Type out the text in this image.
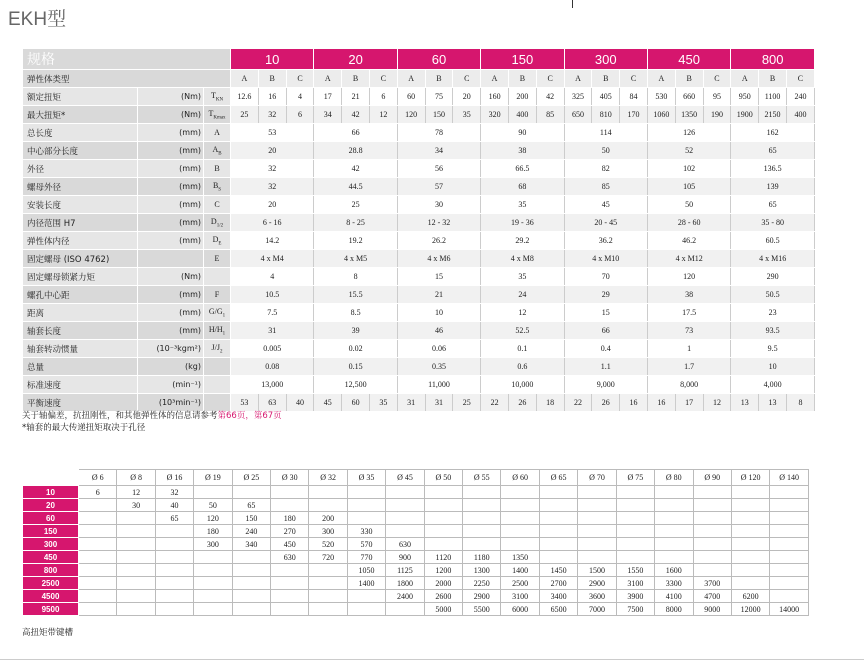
EKH型
规格			10			20			60			150			300			450			800		
弹性体类型			A	B	C	A	B	C	A	B	C	A	B	C	A	B	C	A	B	C	A	B	C
额定扭矩	(Nm)	$T_{KN}$	12.6	16	4	17	21	6	60	75	20	160	200	42	325	405	84	530	660	95	950	1100	240
最大扭矩*	(Nm)	$T_{Kmax}$	25	32	6	34	42	12	120	150	35	320	400	85	650	810	170	1060	1350	190	1900	2150	400
总长度	(mm)	A	53			66			78			90			114			126			162		
中心部分长度	(mm)	$A_B$	20			28.8			34			38			50			52			65		
外径	(mm)	B	32			42			56			66.5			82			102			136.5		
螺母外径	(mm)	$B_S$	32			44.5			57			68			85			105			139		
安装长度	(mm)	C	20			25			30			35			45			50			65		
内径范围 H7	(mm)	$D_{1/2}$	6 - 16			8 - 25			12 - 32			19 - 36			20 - 45			28 - 60			35 - 80		
弹性体内径	(mm)	$D_E$	14.2			19.2			26.2			29.2			36.2			46.2			60.5		
固定螺母 (ISO 4762)		E	4 x M4			4 x M5			4 x M6			4 x M8			4 x M10			4 x M12			4 x M16		
固定螺母锁紧力矩	(Nm)		4			8			15			35			70			120			290		
螺孔中心距	(mm)	F	10.5			15.5			21			24			29			38			50.5		
距离	(mm)	$G/G_1$	7.5			8.5			10			12			15			17.5			23		
轴套长度	(mm)	$H/H_1$	31			39			46			52.5			66			73			93.5		
轴套转动惯量	(10⁻³kgm²)	$J/J_2$	0.005			0.02			0.06			0.1			0.4			1			9.5		
总量	(kg)		0.08			0.15			0.35			0.6			1.1			1.7			10		
标准速度	(min⁻¹)		13,000			12,500			11,000			10,000			9,000			8,000			4,000		
平衡速度	(10³min⁻¹)		53	63	40	45	60	35	31	31	25	22	26	18	22	26	16	16	17	12	13	13	8
关于轴偏差，抗扭刚性，和其他弹性体的信息请参考第66页，第67页
*轴套的最大传递扭矩取决于孔径
规格	Ø 6	Ø 8	Ø 16	Ø 19	Ø 25	Ø 30	Ø 32	Ø 35	Ø 45	Ø 50	Ø 55	Ø 60	Ø 65	Ø 70	Ø 75	Ø 80	Ø 90	Ø 120	Ø 140
10	6	12	32																
20		30	40	50	65														
60			65	120	150	180	200												
150				180	240	270	300	330											
300				300	340	450	520	570	630										
450						630	720	770	900	1120	1180	1350							
800								1050	1125	1200	1300	1400	1450	1500	1550	1600			
2500								1400	1800	2000	2250	2500	2700	2900	3100	3300	3700		
4500									2400	2600	2900	3100	3400	3600	3900	4100	4700	6200	
9500										5000	5500	6000	6500	7000	7500	8000	9000	12000	14000
高扭矩带键槽
